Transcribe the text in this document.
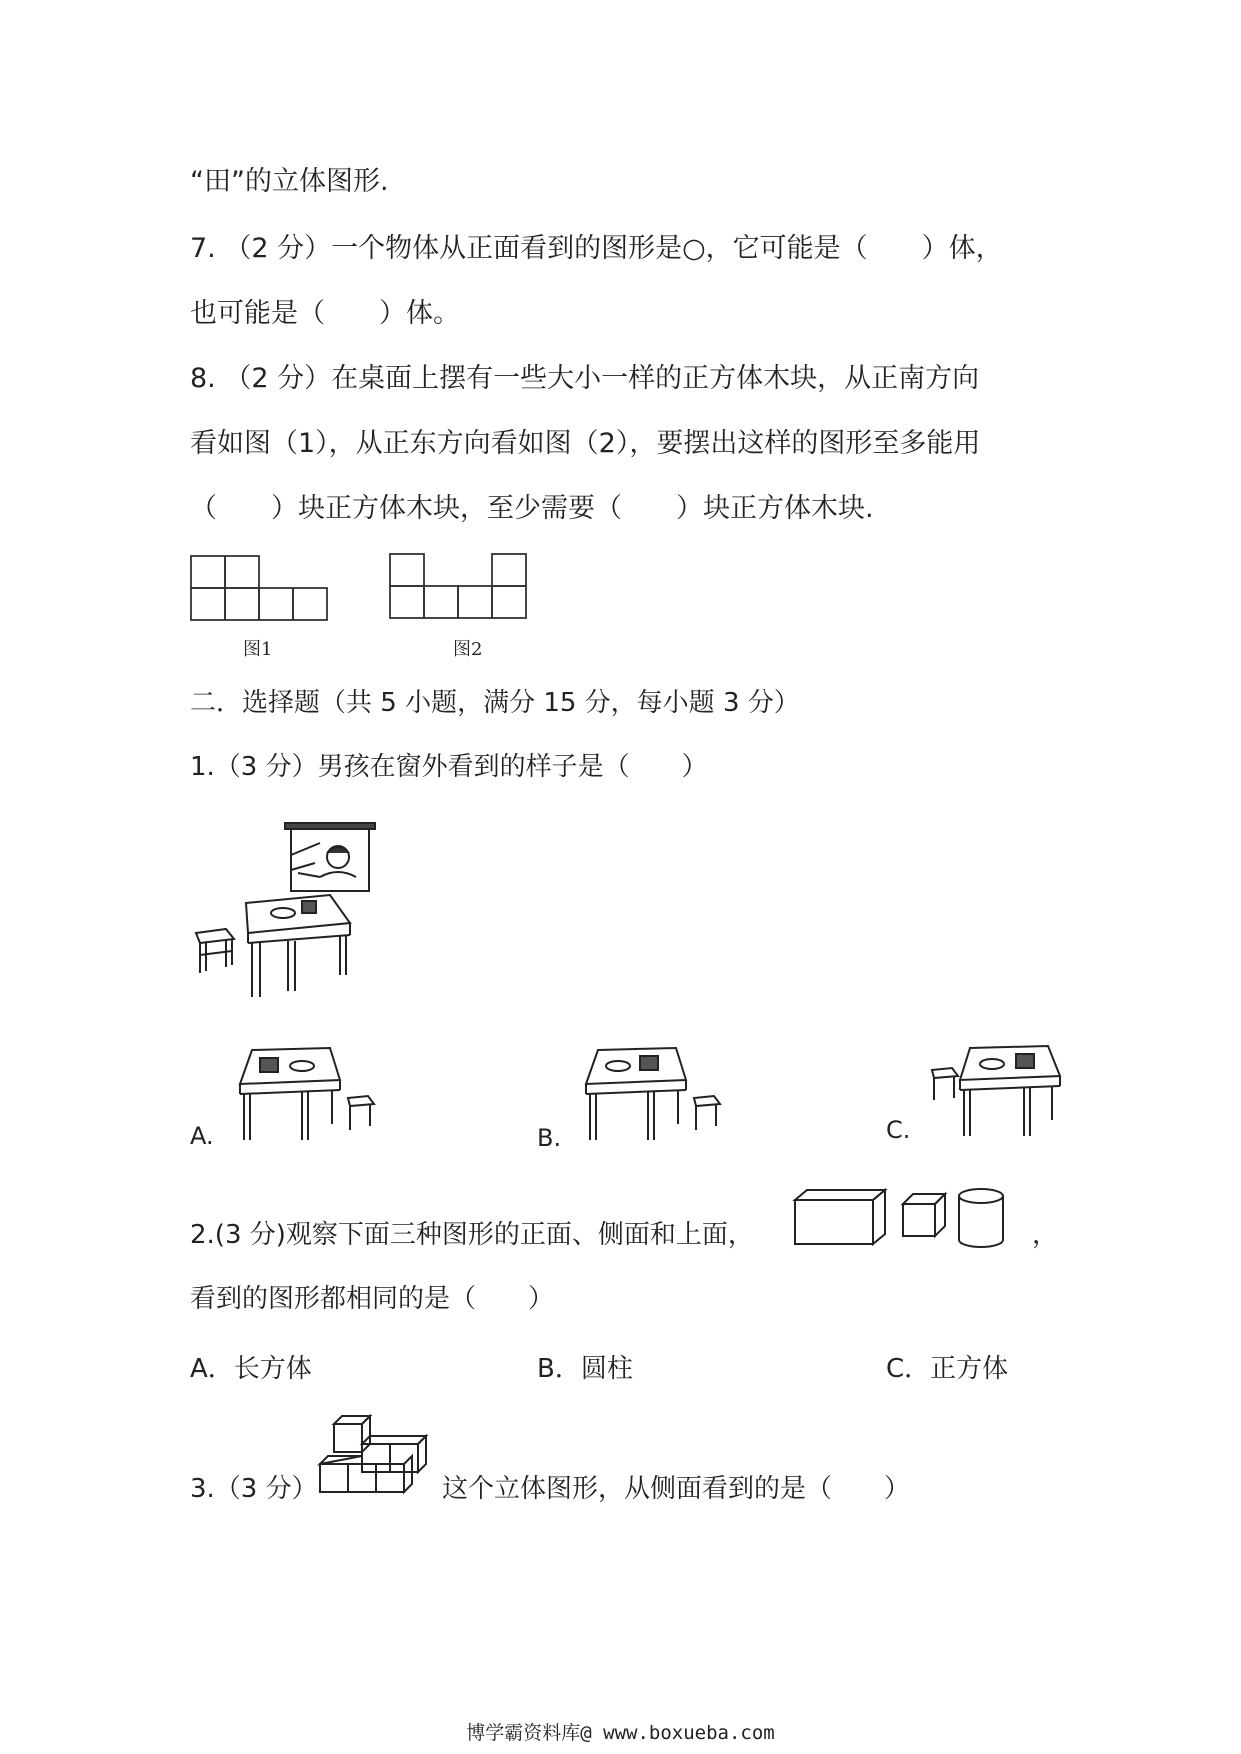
“田”的立体图形.
7. （2 分）一个物体从正面看到的图形是○，它可能是（　　）体，
也可能是（　　）体。
8. （2 分）在桌面上摆有一些大小一样的正方体木块，从正南方向
看如图（1），从正东方向看如图（2），要摆出这样的图形至多能用
（　　）块正方体木块，至少需要（　　）块正方体木块.
图1	图2
二．选择题（共 5 小题，满分 15 分，每小题 3 分）
1.（3 分）男孩在窗外看到的样子是（　　）
A.	B.	C.
2.(3 分)观察下面三种图形的正面、侧面和上面，	，
看到的图形都相同的是（　　）
A．长方体	B．圆柱	C．正方体
3.（3 分）	这个立体图形，从侧面看到的是（　　）
博学霸资料库@ www.boxueba.com
